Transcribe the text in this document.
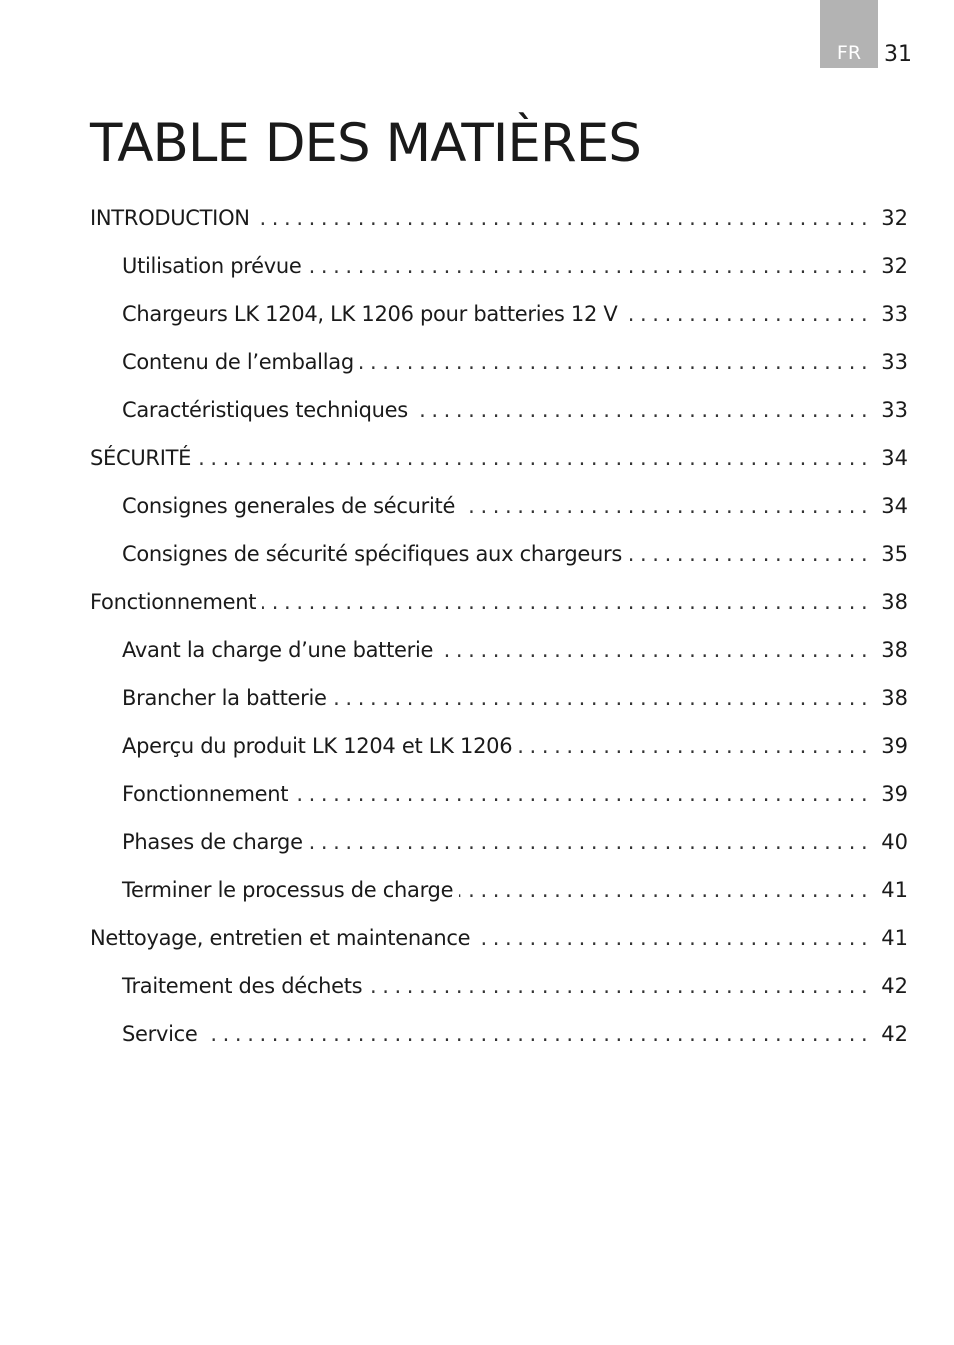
FR 31
TABLE DES MATIÈRES
INTRODUCTION .....	32
Utilisation prévue .....	32
Chargeurs LK 1204, LK 1206 pour batteries 12 V .....	33
Contenu de l’emballag .....	33
Caractéristiques techniques .....	33
SÉCURITÉ .....	34
Consignes generales de sécurité .....	34
Consignes de sécurité spécifiques aux chargeurs .....	35
Fonctionnement .....	38
Avant la charge d’une batterie .....	38
Brancher la batterie .....	38
Aperçu du produit LK 1204 et LK 1206 .....	39
Fonctionnement .....	39
Phases de charge .....	40
Terminer le processus de charge .....	41
Nettoyage, entretien et maintenance .....	41
Traitement des déchets .....	42
Service .....	42
